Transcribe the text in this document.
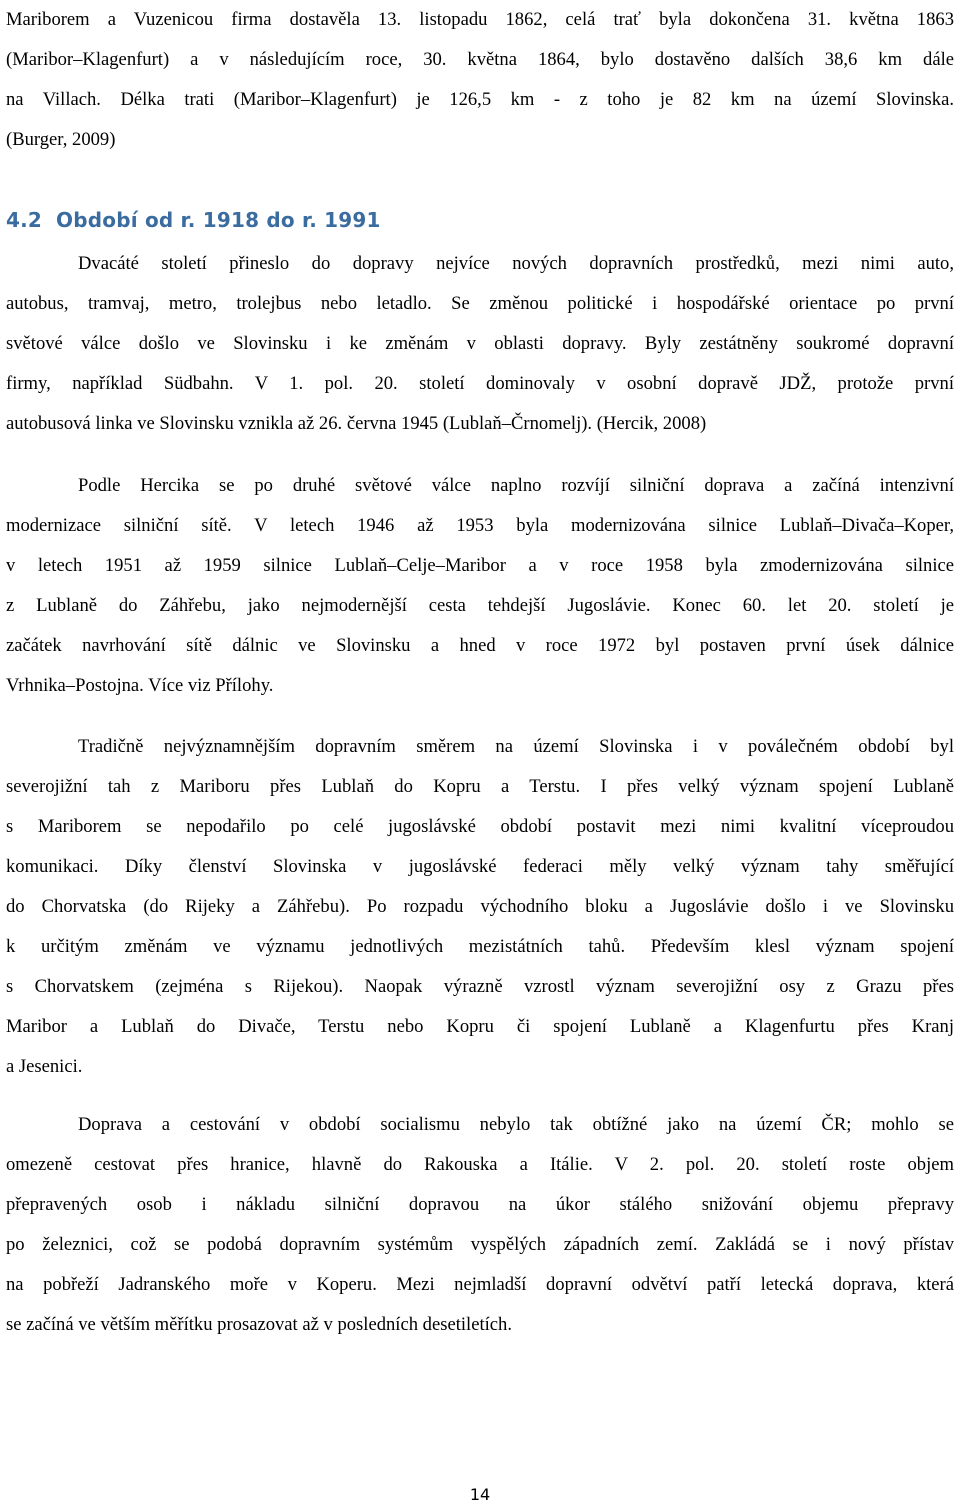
Mariborem a Vuzenicou firma dostavěla 13. listopadu 1862, celá trať byla dokončena 31. května 1863
(Maribor–Klagenfurt) a v následujícím roce, 30. května 1864, bylo dostavěno dalších 38,6 km dále
na Villach. Délka trati (Maribor–Klagenfurt) je 126,5 km - z toho je 82 km na území Slovinska.
(Burger, 2009)
4.2 Období od r. 1918 do r. 1991
Dvacáté století přineslo do dopravy nejvíce nových dopravních prostředků, mezi nimi auto,
autobus, tramvaj, metro, trolejbus nebo letadlo. Se změnou politické i hospodářské orientace po první
světové válce došlo ve Slovinsku i ke změnám v oblasti dopravy. Byly zestátněny soukromé dopravní
firmy, například Südbahn. V 1. pol. 20. století dominovaly v osobní dopravě JDŽ, protože první
autobusová linka ve Slovinsku vznikla až 26. června 1945 (Lublaň–Črnomelj). (Hercik, 2008)
Podle Hercika se po druhé světové válce naplno rozvíjí silniční doprava a začíná intenzivní
modernizace silniční sítě. V letech 1946 až 1953 byla modernizována silnice Lublaň–Divača–Koper,
v letech 1951 až 1959 silnice Lublaň–Celje–Maribor a v roce 1958 byla zmodernizována silnice
z Lublaně do Záhřebu, jako nejmodernější cesta tehdejší Jugoslávie. Konec 60. let 20. století je
začátek navrhování sítě dálnic ve Slovinsku a hned v roce 1972 byl postaven první úsek dálnice
Vrhnika–Postojna. Více viz Přílohy.
Tradičně nejvýznamnějším dopravním směrem na území Slovinska i v poválečném období byl
severojižní tah z Mariboru přes Lublaň do Kopru a Terstu. I přes velký význam spojení Lublaně
s Mariborem se nepodařilo po celé jugoslávské období postavit mezi nimi kvalitní víceproudou
komunikaci. Díky členství Slovinska v jugoslávské federaci měly velký význam tahy směřující
do Chorvatska (do Rijeky a Záhřebu). Po rozpadu východního bloku a Jugoslávie došlo i ve Slovinsku
k určitým změnám ve významu jednotlivých mezistátních tahů. Především klesl význam spojení
s Chorvatskem (zejména s Rijekou). Naopak výrazně vzrostl význam severojižní osy z Grazu přes
Maribor a Lublaň do Divače, Terstu nebo Kopru či spojení Lublaně a Klagenfurtu přes Kranj
a Jesenici.
Doprava a cestování v období socialismu nebylo tak obtížné jako na území ČR; mohlo se
omezeně cestovat přes hranice, hlavně do Rakouska a Itálie. V 2. pol. 20. století roste objem
přepravených osob i nákladu silniční dopravou na úkor stálého snižování objemu přepravy
po železnici, což se podobá dopravním systémům vyspělých západních zemí. Zakládá se i nový přístav
na pobřeží Jadranského moře v Koperu. Mezi nejmladší dopravní odvětví patří letecká doprava, která
se začíná ve větším měřítku prosazovat až v posledních desetiletích.
14
